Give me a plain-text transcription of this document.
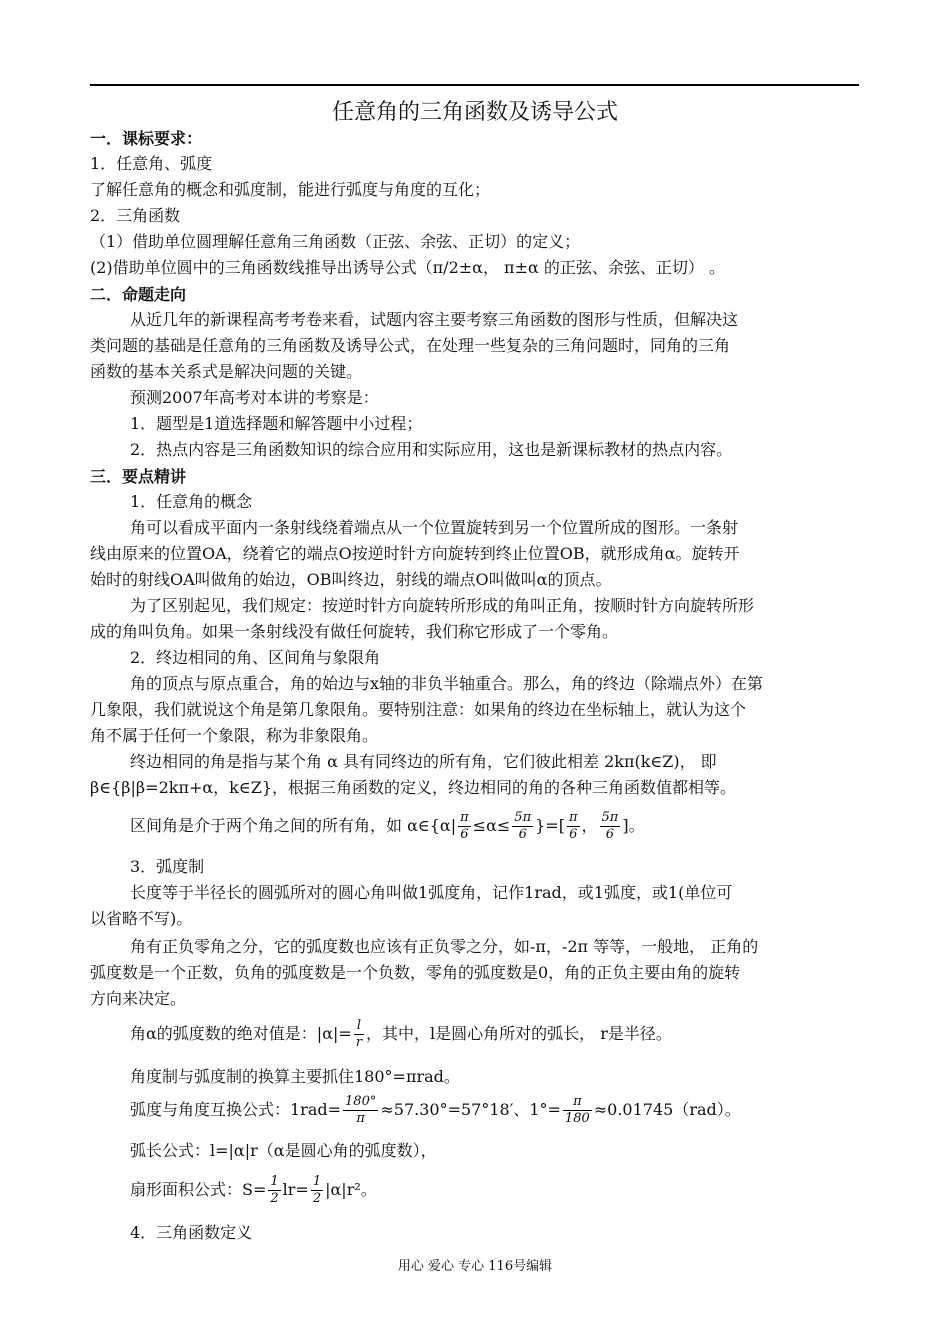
任意角的三角函数及诱导公式
一．课标要求：
1．任意角、弧度
了解任意角的概念和弧度制，能进行弧度与角度的互化；
2．三角函数
（1）借助单位圆理解任意角三角函数（正弦、余弦、正切）的定义；
(2)借助单位圆中的三角函数线推导出诱导公式（π/2±α， π±α 的正弦、余弦、正切） 。
二．命题走向
从近几年的新课程高考考卷来看，试题内容主要考察三角函数的图形与性质，但解决这
类问题的基础是任意角的三角函数及诱导公式，在处理一些复杂的三角问题时，同角的三角
函数的基本关系式是解决问题的关键。
预测2007年高考对本讲的考察是：
1．题型是1道选择题和解答题中小过程；
2．热点内容是三角函数知识的综合应用和实际应用，这也是新课标教材的热点内容。
三．要点精讲
1．任意角的概念
角可以看成平面内一条射线绕着端点从一个位置旋转到另一个位置所成的图形。一条射
线由原来的位置OA，绕着它的端点O按逆时针方向旋转到终止位置OB，就形成角α。旋转开
始时的射线OA叫做角的始边，OB叫终边，射线的端点O叫做叫α的顶点。
为了区别起见，我们规定：按逆时针方向旋转所形成的角叫正角，按顺时针方向旋转所形
成的角叫负角。如果一条射线没有做任何旋转，我们称它形成了一个零角。
2．终边相同的角、区间角与象限角
角的顶点与原点重合，角的始边与x轴的非负半轴重合。那么，角的终边（除端点外）在第
几象限，我们就说这个角是第几象限角。要特别注意：如果角的终边在坐标轴上，就认为这个
角不属于任何一个象限，称为非象限角。
终边相同的角是指与某个角 α 具有同终边的所有角，它们彼此相差 2kπ(k∈Z)， 即
β∈{β|β=2kπ+α，k∈Z}，根据三角函数的定义，终边相同的角的各种三角函数值都相等。
区间角是介于两个角之间的所有角，如 α∈{α| $\frac{\pi}{6} \le\alpha\le \frac{5\pi}{6}$ }=[ $\frac{\pi}{6}$ ， $\frac{5\pi}{6}$ ]。
3．弧度制
长度等于半径长的圆弧所对的圆心角叫做1弧度角，记作1rad，或1弧度，或1(单位可
以省略不写)。
角有正负零角之分，它的弧度数也应该有正负零之分，如-π，-2π 等等，一般地， 正角的
弧度数是一个正数，负角的弧度数是一个负数，零角的弧度数是0，角的正负主要由角的旋转
方向来决定。
角α的弧度数的绝对值是：$|\alpha|= \frac{l}{r}$ ，其中，l是圆心角所对的弧长， r是半径。
角度制与弧度制的换算主要抓住180°=πrad。
弧度与角度互换公式：$1rad= \frac{180^\circ}{\pi} \approx 57.30^\circ=57^\circ 18'$、$1^\circ= \frac{\pi}{180} \approx 0.01745(rad)$。
弧长公式：l=|α|r（α是圆心角的弧度数），
扇形面积公式：$S= \frac{1}{2} lr= \frac{1}{2} |\alpha|r^2$。
4．三角函数定义
用心 爱心 专心 116号编辑
